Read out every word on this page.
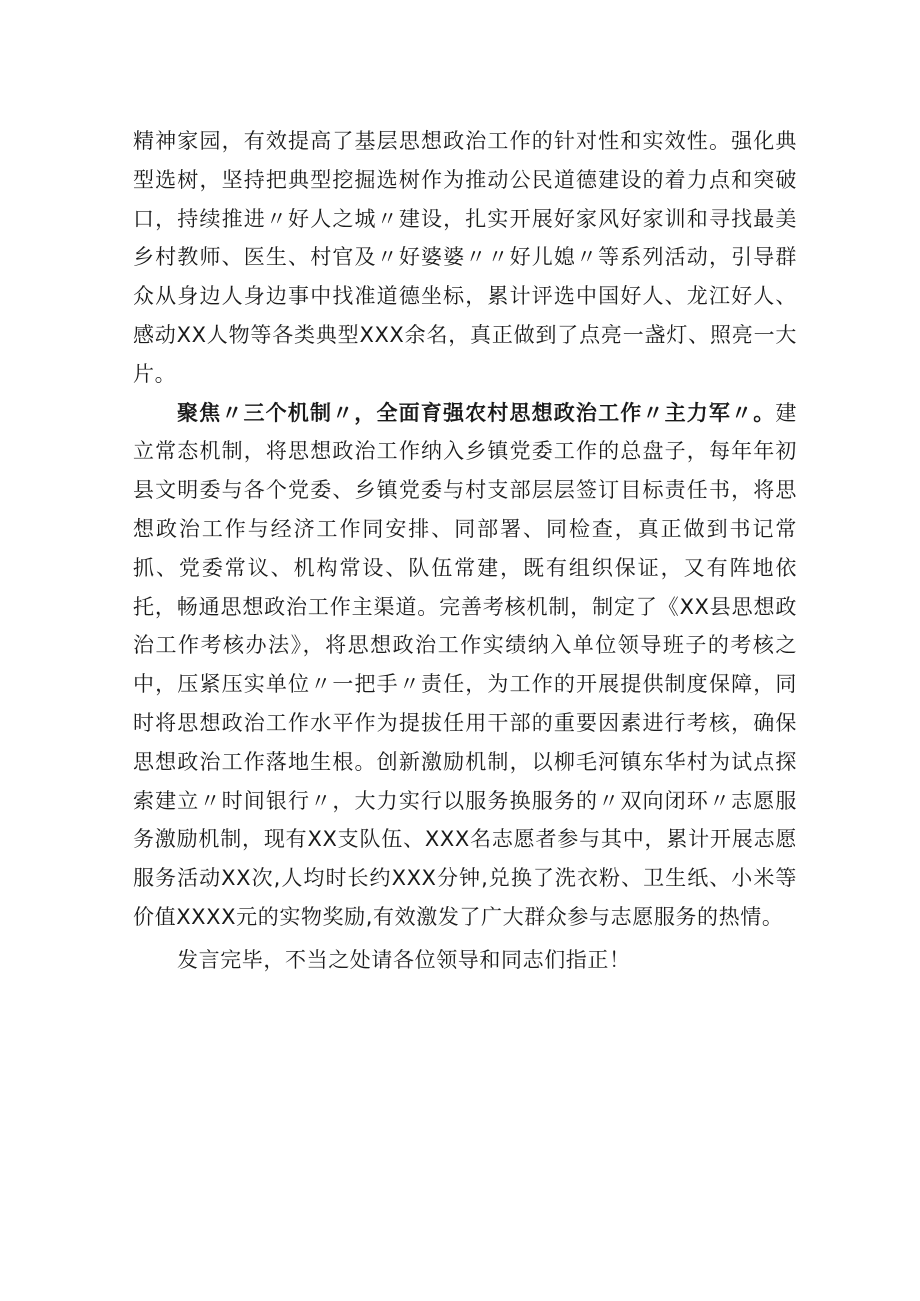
精神家园，有效提高了基层思想政治工作的针对性和实效性。强化典型选树，坚持把典型挖掘选树作为推动公民道德建设的着力点和突破口，持续推进〃好人之城〃建设，扎实开展好家风好家训和寻找最美乡村教师、医生、村官及〃好婆婆〃〃好儿媳〃等系列活动，引导群众从身边人身边事中找准道德坐标，累计评选中国好人、龙江好人、感动XX人物等各类典型XXX余名，真正做到了点亮一盏灯、照亮一大片。

聚焦〃三个机制〃，全面育强农村思想政治工作〃主力军〃。建立常态机制，将思想政治工作纳入乡镇党委工作的总盘子，每年年初县文明委与各个党委、乡镇党委与村支部层层签订目标责任书，将思想政治工作与经济工作同安排、同部署、同检查，真正做到书记常抓、党委常议、机构常设、队伍常建，既有组织保证，又有阵地依托，畅通思想政治工作主渠道。完善考核机制，制定了《XX县思想政治工作考核办法》，将思想政治工作实绩纳入单位领导班子的考核之中，压紧压实单位〃一把手〃责任，为工作的开展提供制度保障，同时将思想政治工作水平作为提拔任用干部的重要因素进行考核，确保思想政治工作落地生根。创新激励机制，以柳毛河镇东华村为试点探索建立〃时间银行〃，大力实行以服务换服务的〃双向闭环〃志愿服务激励机制，现有XX支队伍、XXX名志愿者参与其中，累计开展志愿服务活动XX次,人均时长约XXX分钟,兑换了洗衣粉、卫生纸、小米等价值XXXX元的实物奖励,有效激发了广大群众参与志愿服务的热情。

发言完毕，不当之处请各位领导和同志们指正！
